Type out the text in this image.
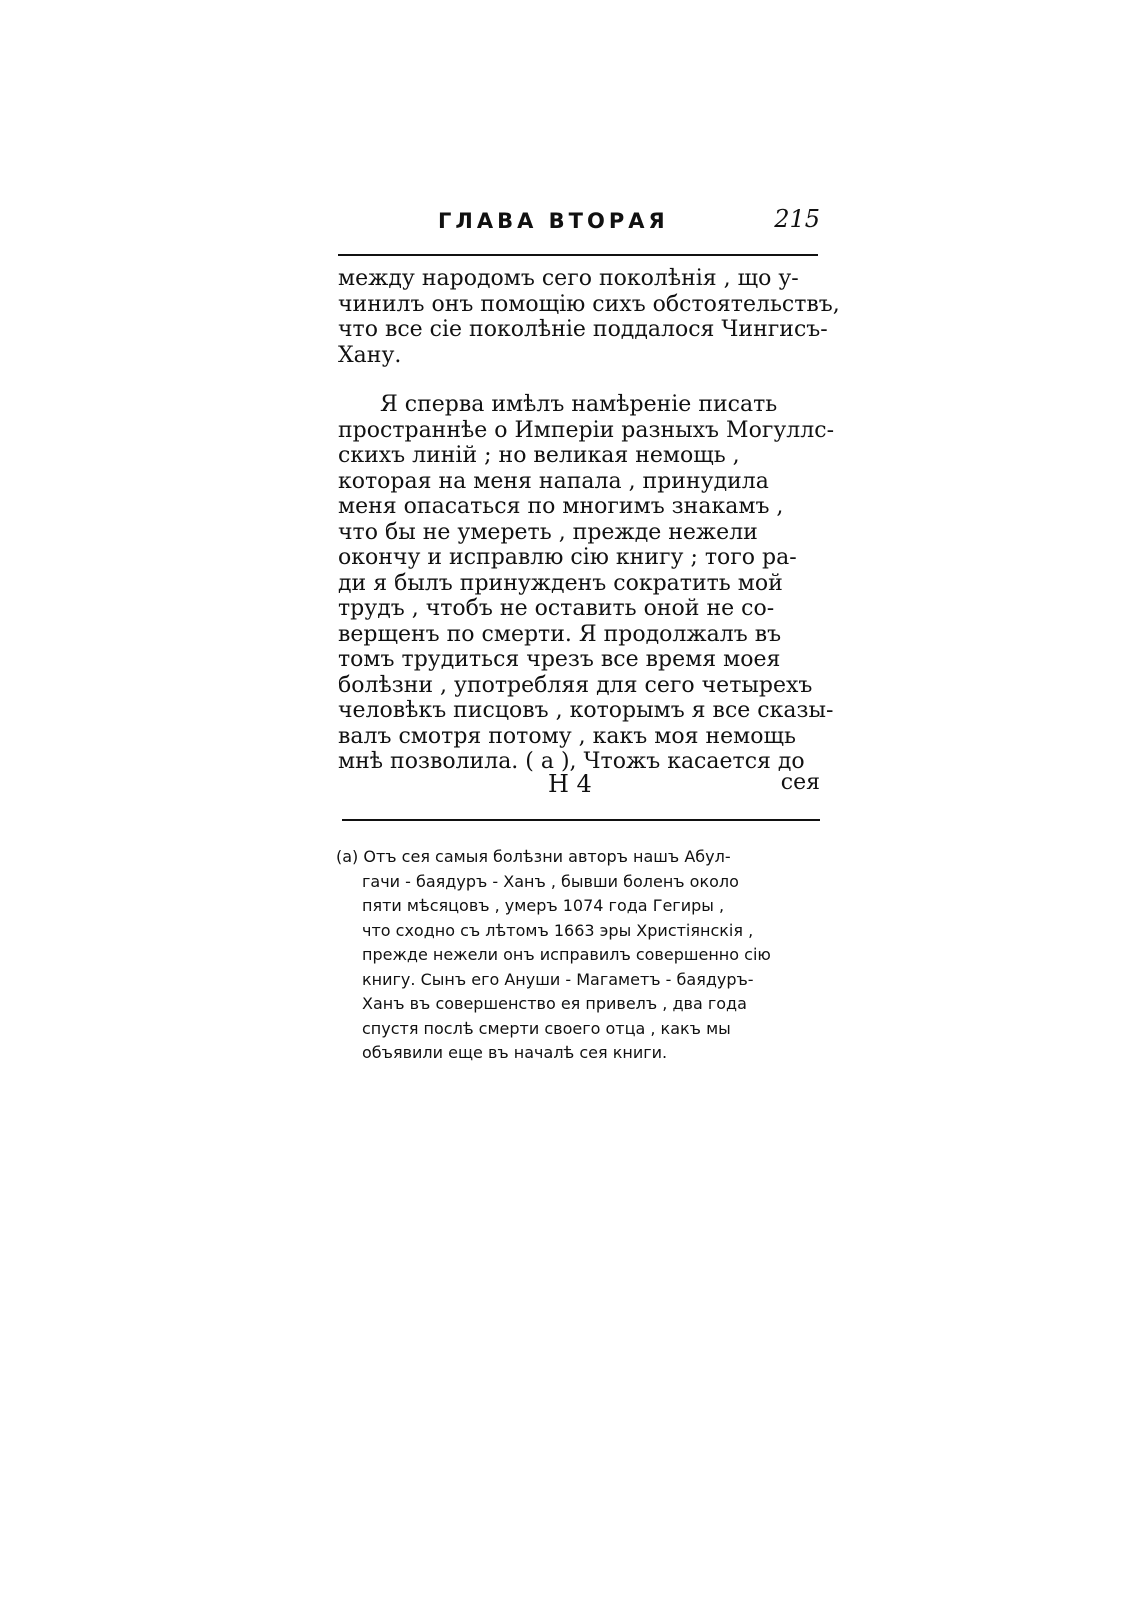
ГЛАВА ВТОРАЯ	215
между народомъ сего поколѣнія , що у-
чинилъ онъ помощію сихъ обстоятельствъ,
что все сіе поколѣніе поддалося Чингисъ-
Хану.
Я сперва имѣлъ намѣреніе писать
пространнѣе о Имперіи разныхъ Могуллс-
скихъ линій ; но великая немощь ,
которая на меня напала , принудила
меня опасаться по многимъ знакамъ ,
что бы не умереть , прежде нежели
окончу и исправлю сію книгу ; того ра-
ди я былъ принужденъ сократить мой
трудъ , чтобъ не оставить оной не со-
верщенъ по смерти. Я продолжалъ въ
томъ трудиться чрезъ все время моея
болѣзни , употребляя для сего четырехъ
человѣкъ писцовъ , которымъ я все сказы-
валъ смотря потому , какъ моя немощь
мнѣ позволила. ( а ), Чтожъ касается до
Н 4	сея
(а) Отъ сея самыя болѣзни авторъ нашъ Абул-
гачи - баядуръ - Ханъ , бывши боленъ около
пяти мѣсяцовъ , умеръ 1074 года Гегиры ,
что сходно съ лѣтомъ 1663 эры Христіянскія ,
прежде нежели онъ исправилъ совершенно сію
книгу. Сынъ его Ануши - Магаметъ - баядуръ-
Ханъ въ совершенство ея привелъ , два года
спустя послѣ смерти своего отца , какъ мы
объявили еще въ началѣ сея книги.
